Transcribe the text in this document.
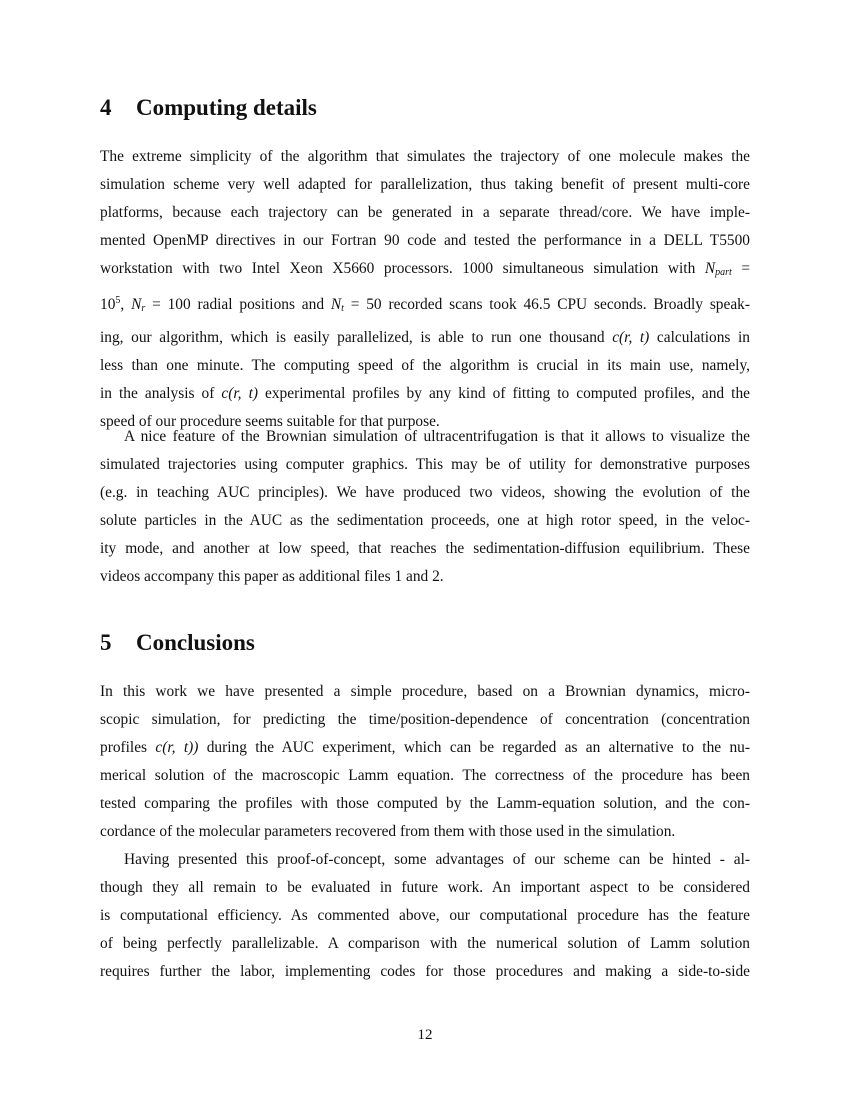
4 Computing details
The extreme simplicity of the algorithm that simulates the trajectory of one molecule makes the
simulation scheme very well adapted for parallelization, thus taking benefit of present multi-core
platforms, because each trajectory can be generated in a separate thread/core. We have imple-
mented OpenMP directives in our Fortran 90 code and tested the performance in a DELL T5500
workstation with two Intel Xeon X5660 processors. 1000 simultaneous simulation with $N_{part}$ =
$10^5$, $N_r = 100$ radial positions and $N_t = 50$ recorded scans took 46.5 CPU seconds. Broadly speak-
ing, our algorithm, which is easily parallelized, is able to run one thousand c(r, t) calculations in
less than one minute. The computing speed of the algorithm is crucial in its main use, namely,
in the analysis of c(r, t) experimental profiles by any kind of fitting to computed profiles, and the
speed of our procedure seems suitable for that purpose.
A nice feature of the Brownian simulation of ultracentrifugation is that it allows to visualize the
simulated trajectories using computer graphics. This may be of utility for demonstrative purposes
(e.g. in teaching AUC principles). We have produced two videos, showing the evolution of the
solute particles in the AUC as the sedimentation proceeds, one at high rotor speed, in the veloc-
ity mode, and another at low speed, that reaches the sedimentation-diffusion equilibrium. These
videos accompany this paper as additional files 1 and 2.
5 Conclusions
In this work we have presented a simple procedure, based on a Brownian dynamics, micro-
scopic simulation, for predicting the time/position-dependence of concentration (concentration
profiles c(r, t)) during the AUC experiment, which can be regarded as an alternative to the nu-
merical solution of the macroscopic Lamm equation. The correctness of the procedure has been
tested comparing the profiles with those computed by the Lamm-equation solution, and the con-
cordance of the molecular parameters recovered from them with those used in the simulation.
Having presented this proof-of-concept, some advantages of our scheme can be hinted - al-
though they all remain to be evaluated in future work. An important aspect to be considered
is computational efficiency. As commented above, our computational procedure has the feature
of being perfectly parallelizable. A comparison with the numerical solution of Lamm solution
requires further the labor, implementing codes for those procedures and making a side-to-side
12
